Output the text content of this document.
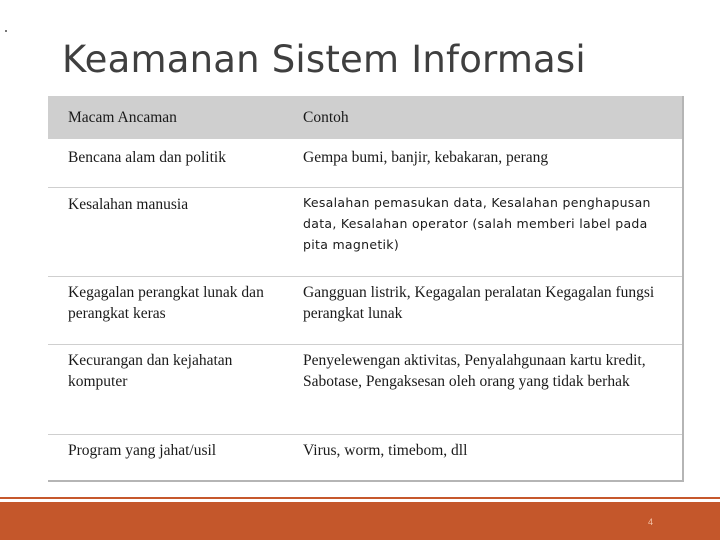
Keamanan Sistem Informasi
Macam Ancaman	Contoh

Bencana alam dan politik	Gempa bumi, banjir, kebakaran, perang

Kesalahan manusia	Kesalahan pemasukan data, Kesalahan penghapusan data, Kesalahan operator (salah memberi label pada pita magnetik)

Kegagalan perangkat lunak dan perangkat keras	Gangguan listrik, Kegagalan peralatan Kegagalan fungsi perangkat lunak

Kecurangan dan kejahatan komputer	Penyelewengan aktivitas, Penyalahgunaan kartu kredit, Sabotase, Pengaksesan oleh orang yang tidak berhak

Program yang jahat/usil	Virus, worm, timebom, dll
4
